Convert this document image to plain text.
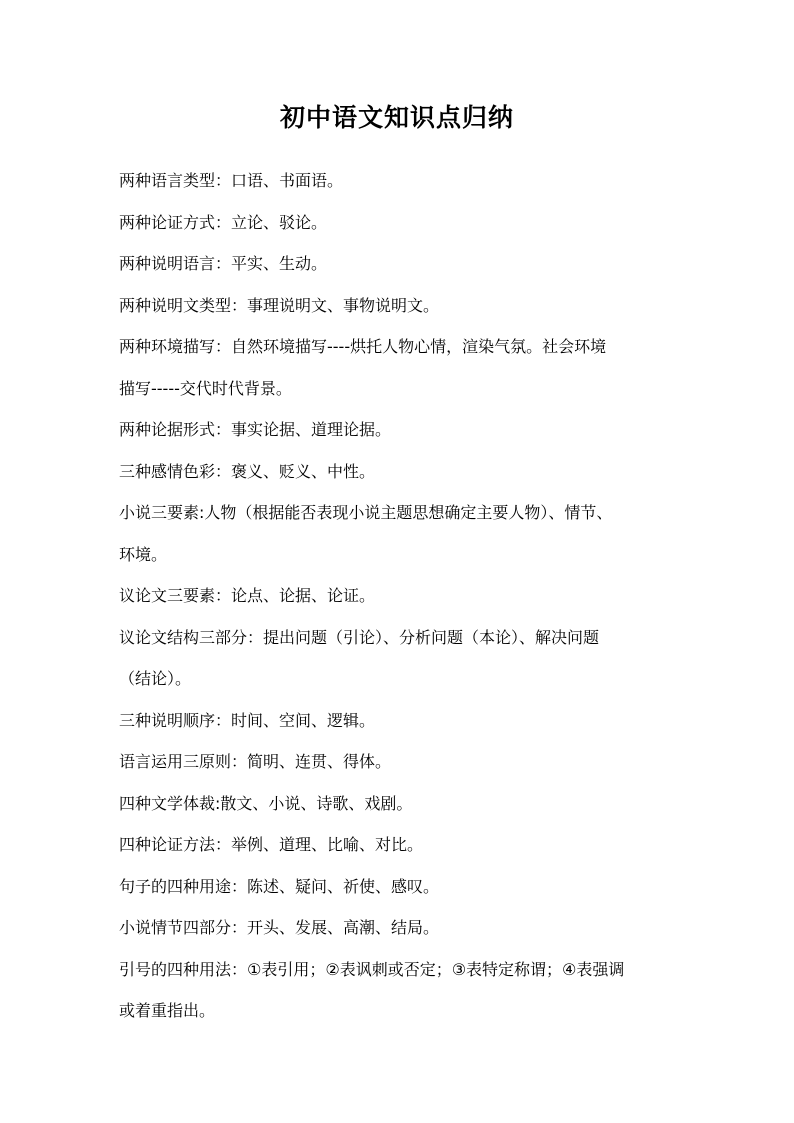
初中语文知识点归纳
两种语言类型：口语、书面语。
两种论证方式：立论、驳论。
两种说明语言：平实、生动。
两种说明文类型：事理说明文、事物说明文。
两种环境描写：自然环境描写----烘托人物心情，渲染气氛。社会环境
描写-----交代时代背景。
两种论据形式：事实论据、道理论据。
三种感情色彩：褒义、贬义、中性。
小说三要素:人物（根据能否表现小说主题思想确定主要人物）、情节、
环境。
议论文三要素：论点、论据、论证。
议论文结构三部分：提出问题（引论）、分析问题（本论）、解决问题
（结论）。
三种说明顺序：时间、空间、逻辑。
语言运用三原则：简明、连贯、得体。
四种文学体裁:散文、小说、诗歌、戏剧。
四种论证方法：举例、道理、比喻、对比。
句子的四种用途：陈述、疑问、祈使、感叹。
小说情节四部分：开头、发展、高潮、结局。
引号的四种用法：①表引用；②表讽刺或否定；③表特定称谓；④表强调
或着重指出。
